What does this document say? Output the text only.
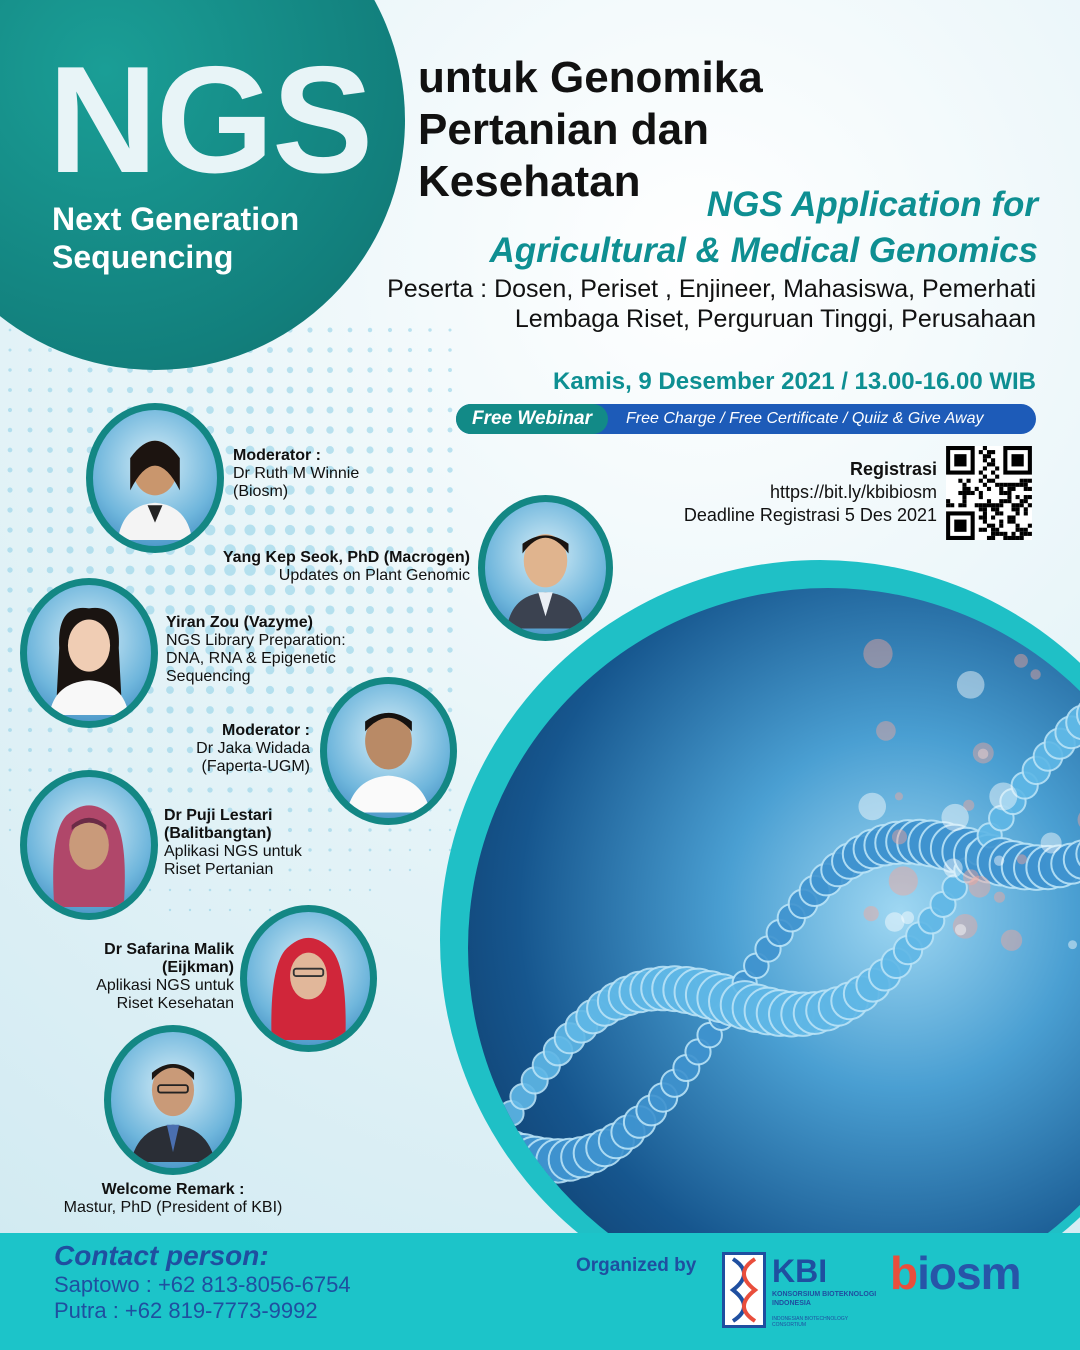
NGS
Next Generation
Sequencing
untuk Genomika
Pertanian dan
Kesehatan	NGS Application for
Agricultural & Medical Genomics
Peserta : Dosen, Periset , Enjineer, Mahasiswa, Pemerhati
Lembaga Riset, Perguruan Tinggi, Perusahaan
Kamis, 9 Desember 2021 / 13.00-16.00 WIB
Free Webinar	Free Charge / Free Certificate / Quiiz & Give Away
Registrasi
https://bit.ly/kbibiosm
Deadline Registrasi 5 Des 2021
Moderator :
Dr Ruth M Winnie
(Biosm)
Yang Kep Seok, PhD (Macrogen)
Updates on Plant Genomic
Yiran Zou (Vazyme)
NGS Library Preparation:
DNA, RNA & Epigenetic
Sequencing
Moderator :
Dr Jaka Widada
(Faperta-UGM)
Dr Puji Lestari
(Balitbangtan)
Aplikasi NGS untuk
Riset Pertanian
Dr Safarina Malik
(Eijkman)
Aplikasi NGS untuk
Riset Kesehatan
Welcome Remark :
Mastur, PhD (President of KBI)
Contact person:
Saptowo : +62 813-8056-6754
Putra : +62 819-7773-9992
Organized by KBI
KONSORSIUM BIOTEKNOLOGI
INDONESIA
INDONESIAN BIOTECHNOLOGY CONSORTIUM
biosm
